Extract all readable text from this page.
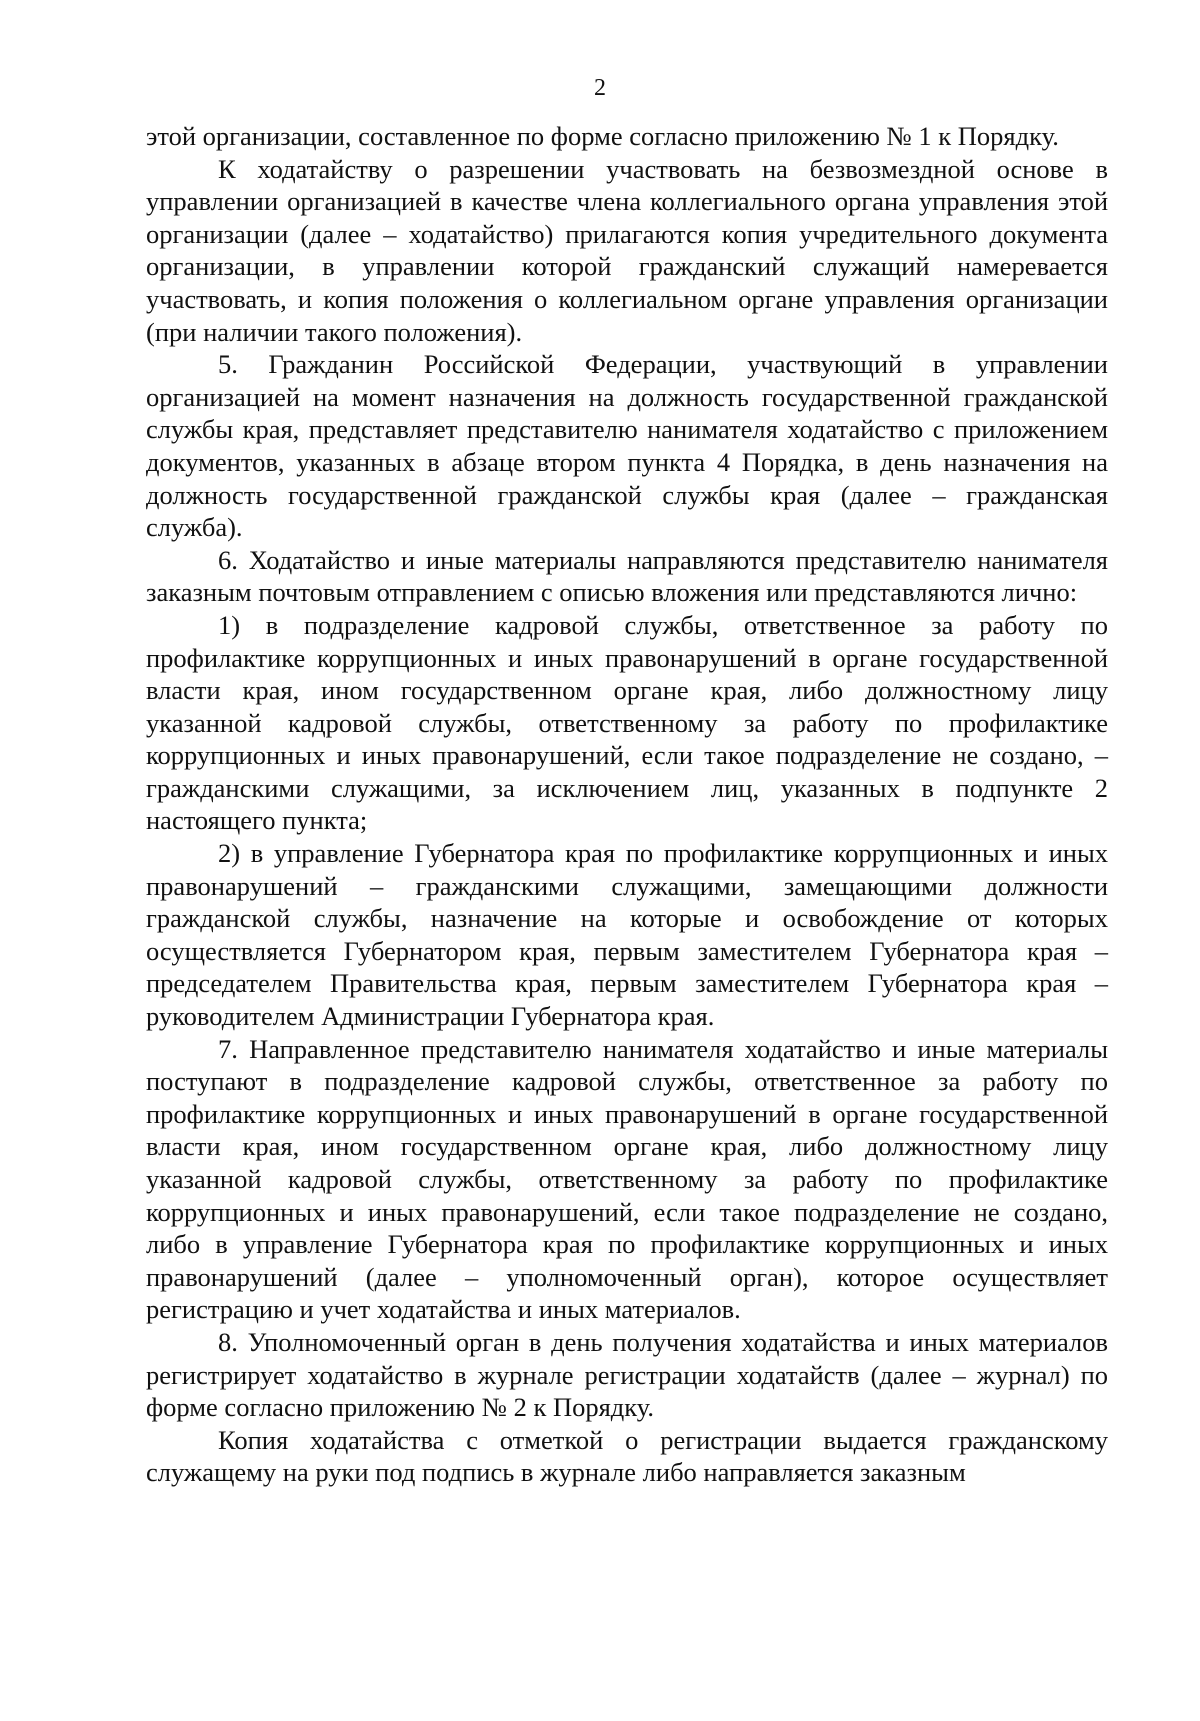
2

этой организации, составленное по форме согласно приложению № 1 к Порядку.

К ходатайству о разрешении участвовать на безвозмездной основе в управлении организацией в качестве члена коллегиального органа управления этой организации (далее – ходатайство) прилагаются копия учредительного документа организации, в управлении которой гражданский служащий намеревается участвовать, и копия положения о коллегиальном органе управления организации (при наличии такого положения).

5. Гражданин Российской Федерации, участвующий в управлении организацией на момент назначения на должность государственной гражданской службы края, представляет представителю нанимателя ходатайство с приложением документов, указанных в абзаце втором пункта 4 Порядка, в день назначения на должность государственной гражданской службы края (далее – гражданская служба).

6. Ходатайство и иные материалы направляются представителю нанимателя заказным почтовым отправлением с описью вложения или представляются лично:

1) в подразделение кадровой службы, ответственное за работу по профилактике коррупционных и иных правонарушений в органе государственной власти края, ином государственном органе края, либо должностному лицу указанной кадровой службы, ответственному за работу по профилактике коррупционных и иных правонарушений, если такое подразделение не создано, – гражданскими служащими, за исключением лиц, указанных в подпункте 2 настоящего пункта;

2) в управление Губернатора края по профилактике коррупционных и иных правонарушений – гражданскими служащими, замещающими должности гражданской службы, назначение на которые и освобождение от которых осуществляется Губернатором края, первым заместителем Губернатора края – председателем Правительства края, первым заместителем Губернатора края – руководителем Администрации Губернатора края.

7. Направленное представителю нанимателя ходатайство и иные материалы поступают в подразделение кадровой службы, ответственное за работу по профилактике коррупционных и иных правонарушений в органе государственной власти края, ином государственном органе края, либо должностному лицу указанной кадровой службы, ответственному за работу по профилактике коррупционных и иных правонарушений, если такое подразделение не создано, либо в управление Губернатора края по профилактике коррупционных и иных правонарушений (далее – уполномоченный орган), которое осуществляет регистрацию и учет ходатайства и иных материалов.

8. Уполномоченный орган в день получения ходатайства и иных материалов регистрирует ходатайство в журнале регистрации ходатайств (далее – журнал) по форме согласно приложению № 2 к Порядку.

Копия ходатайства с отметкой о регистрации выдается гражданскому служащему на руки под подпись в журнале либо направляется заказным
